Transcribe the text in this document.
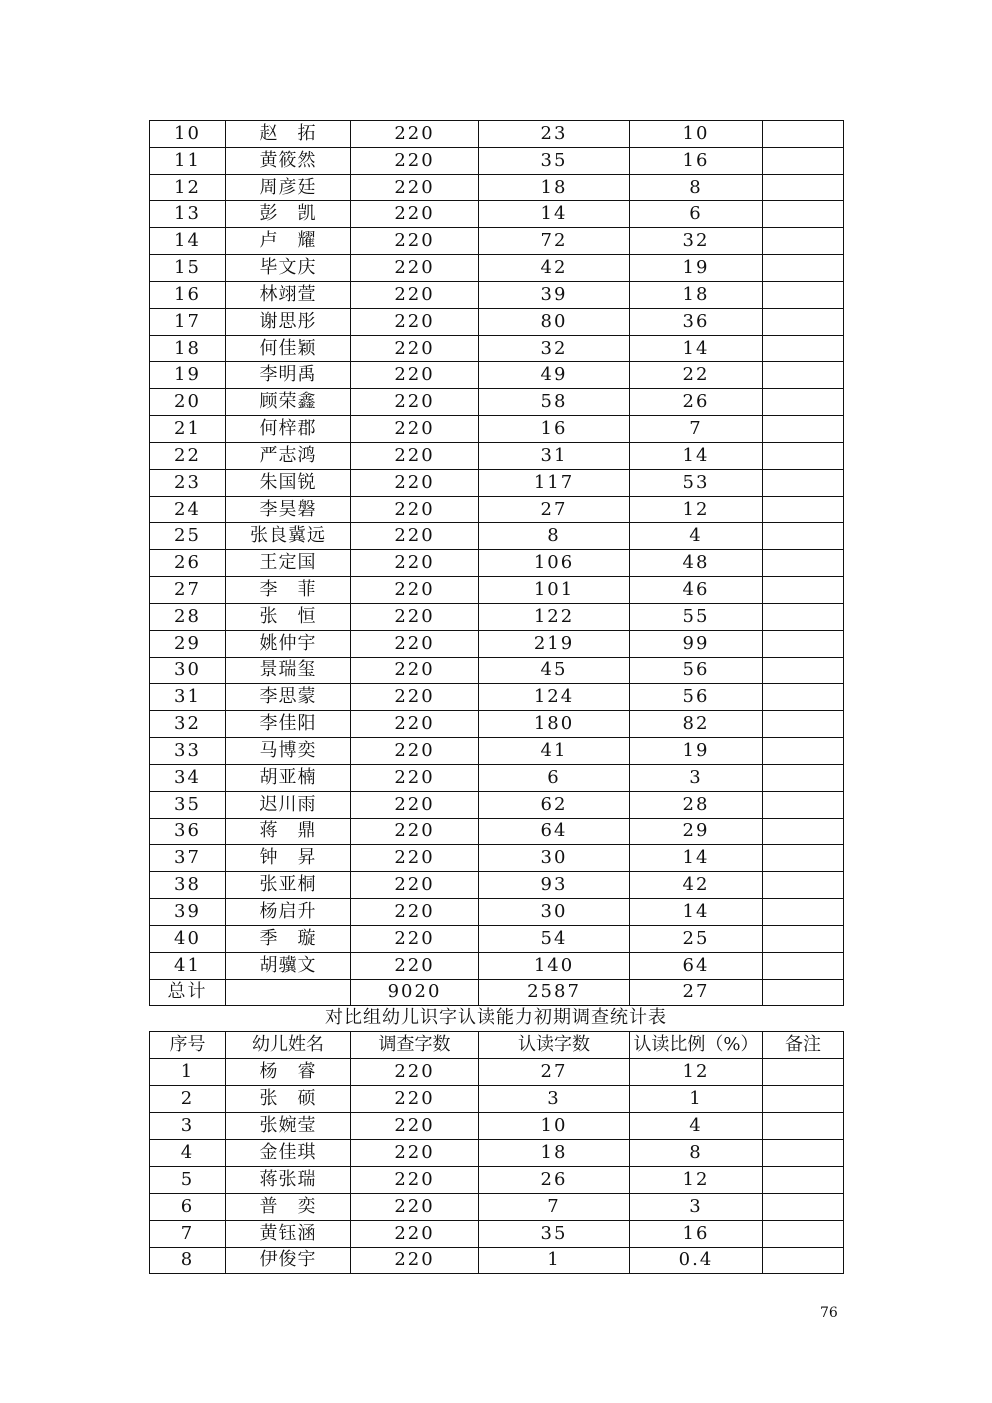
10	赵　拓	220	23	10	
11	黄筱然	220	35	16	
12	周彦廷	220	18	8	
13	彭　凯	220	14	6	
14	卢　耀	220	72	32	
15	毕文庆	220	42	19	
16	林翊萱	220	39	18	
17	谢思彤	220	80	36	
18	何佳颖	220	32	14	
19	李明禹	220	49	22	
20	顾荣鑫	220	58	26	
21	何梓郡	220	16	7	
22	严志鸿	220	31	14	
23	朱国锐	220	117	53	
24	李昊磐	220	27	12	
25	张良冀远	220	8	4	
26	王定国	220	106	48	
27	李　菲	220	101	46	
28	张　恒	220	122	55	
29	姚仲宇	220	219	99	
30	景瑞玺	220	45	56	
31	李思蒙	220	124	56	
32	李佳阳	220	180	82	
33	马博奕	220	41	19	
34	胡亚楠	220	6	3	
35	迟川雨	220	62	28	
36	蒋　鼎	220	64	29	
37	钟　昇	220	30	14	
38	张亚桐	220	93	42	
39	杨启升	220	30	14	
40	季　璇	220	54	25	
41	胡骥文	220	140	64	
总计		9020	2587	27	
对比组幼儿识字认读能力初期调查统计表
序号	幼儿姓名	调查字数	认读字数	认读比例（%）	备注
1	杨　睿	220	27	12	
2	张　硕	220	3	1	
3	张婉莹	220	10	4	
4	金佳琪	220	18	8	
5	蒋张瑞	220	26	12	
6	普　奕	220	7	3	
7	黄钰涵	220	35	16	
8	伊俊宇	220	1	0.4	
76
